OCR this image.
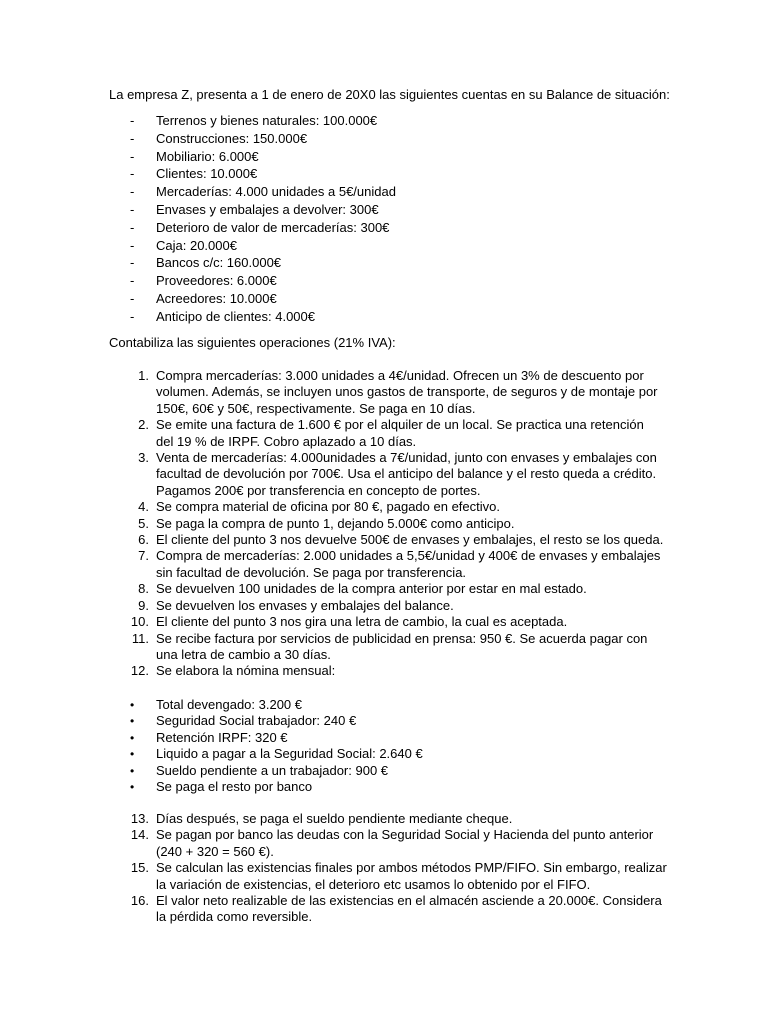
La empresa Z, presenta a 1 de enero de 20X0 las siguientes cuentas en su Balance de situación:

- Terrenos y bienes naturales: 100.000€
- Construcciones: 150.000€
- Mobiliario: 6.000€
- Clientes: 10.000€
- Mercaderías: 4.000 unidades a 5€/unidad
- Envases y embalajes a devolver: 300€
- Deterioro de valor de mercaderías: 300€
- Caja: 20.000€
- Bancos c/c: 160.000€
- Proveedores: 6.000€
- Acreedores: 10.000€
- Anticipo de clientes: 4.000€

Contabiliza las siguientes operaciones (21% IVA):

1. Compra mercaderías: 3.000 unidades a 4€/unidad. Ofrecen un 3% de descuento por
volumen. Además, se incluyen unos gastos de transporte, de seguros y de montaje por
150€, 60€ y 50€, respectivamente. Se paga en 10 días.
2. Se emite una factura de 1.600 € por el alquiler de un local. Se practica una retención
del 19 % de IRPF. Cobro aplazado a 10 días.
3. Venta de mercaderías: 4.000unidades a 7€/unidad, junto con envases y embalajes con
facultad de devolución por 700€. Usa el anticipo del balance y el resto queda a crédito.
Pagamos 200€ por transferencia en concepto de portes.
4. Se compra material de oficina por 80 €, pagado en efectivo.
5. Se paga la compra de punto 1, dejando 5.000€ como anticipo.
6. El cliente del punto 3 nos devuelve 500€ de envases y embalajes, el resto se los queda.
7. Compra de mercaderías: 2.000 unidades a 5,5€/unidad y 400€ de envases y embalajes
sin facultad de devolución. Se paga por transferencia.
8. Se devuelven 100 unidades de la compra anterior por estar en mal estado.
9. Se devuelven los envases y embalajes del balance.
10. El cliente del punto 3 nos gira una letra de cambio, la cual es aceptada.
11. Se recibe factura por servicios de publicidad en prensa: 950 €. Se acuerda pagar con
una letra de cambio a 30 días.
12. Se elabora la nómina mensual:
• Total devengado: 3.200 €
• Seguridad Social trabajador: 240 €
• Retención IRPF: 320 €
• Liquido a pagar a la Seguridad Social: 2.640 €
• Sueldo pendiente a un trabajador: 900 €
• Se paga el resto por banco
13. Días después, se paga el sueldo pendiente mediante cheque.
14. Se pagan por banco las deudas con la Seguridad Social y Hacienda del punto anterior
(240 + 320 = 560 €).
15. Se calculan las existencias finales por ambos métodos PMP/FIFO. Sin embargo, realizar
la variación de existencias, el deterioro etc usamos lo obtenido por el FIFO.
16. El valor neto realizable de las existencias en el almacén asciende a 20.000€. Considera
la pérdida como reversible.
